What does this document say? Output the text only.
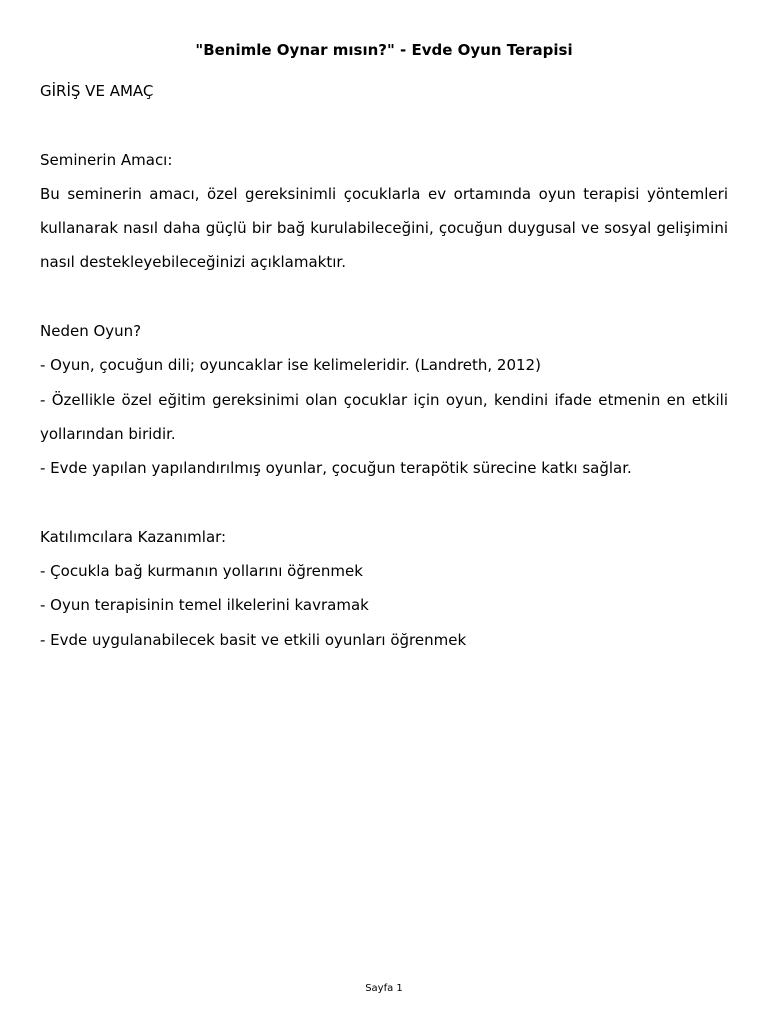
"Benimle Oynar mısın?" - Evde Oyun Terapisi

GİRİŞ VE AMAÇ

Seminerin Amacı:

Bu seminerin amacı, özel gereksinimli çocuklarla ev ortamında oyun terapisi yöntemleri kullanarak nasıl daha güçlü bir bağ kurulabileceğini, çocuğun duygusal ve sosyal gelişimini nasıl destekleyebileceğinizi açıklamaktır.

Neden Oyun?

- Oyun, çocuğun dili; oyuncaklar ise kelimeleridir. (Landreth, 2012)

- Özellikle özel eğitim gereksinimi olan çocuklar için oyun, kendini ifade etmenin en etkili yollarından biridir.

- Evde yapılan yapılandırılmış oyunlar, çocuğun terapötik sürecine katkı sağlar.

Katılımcılara Kazanımlar:

- Çocukla bağ kurmanın yollarını öğrenmek

- Oyun terapisinin temel ilkelerini kavramak

- Evde uygulanabilecek basit ve etkili oyunları öğrenmek

Sayfa 1
